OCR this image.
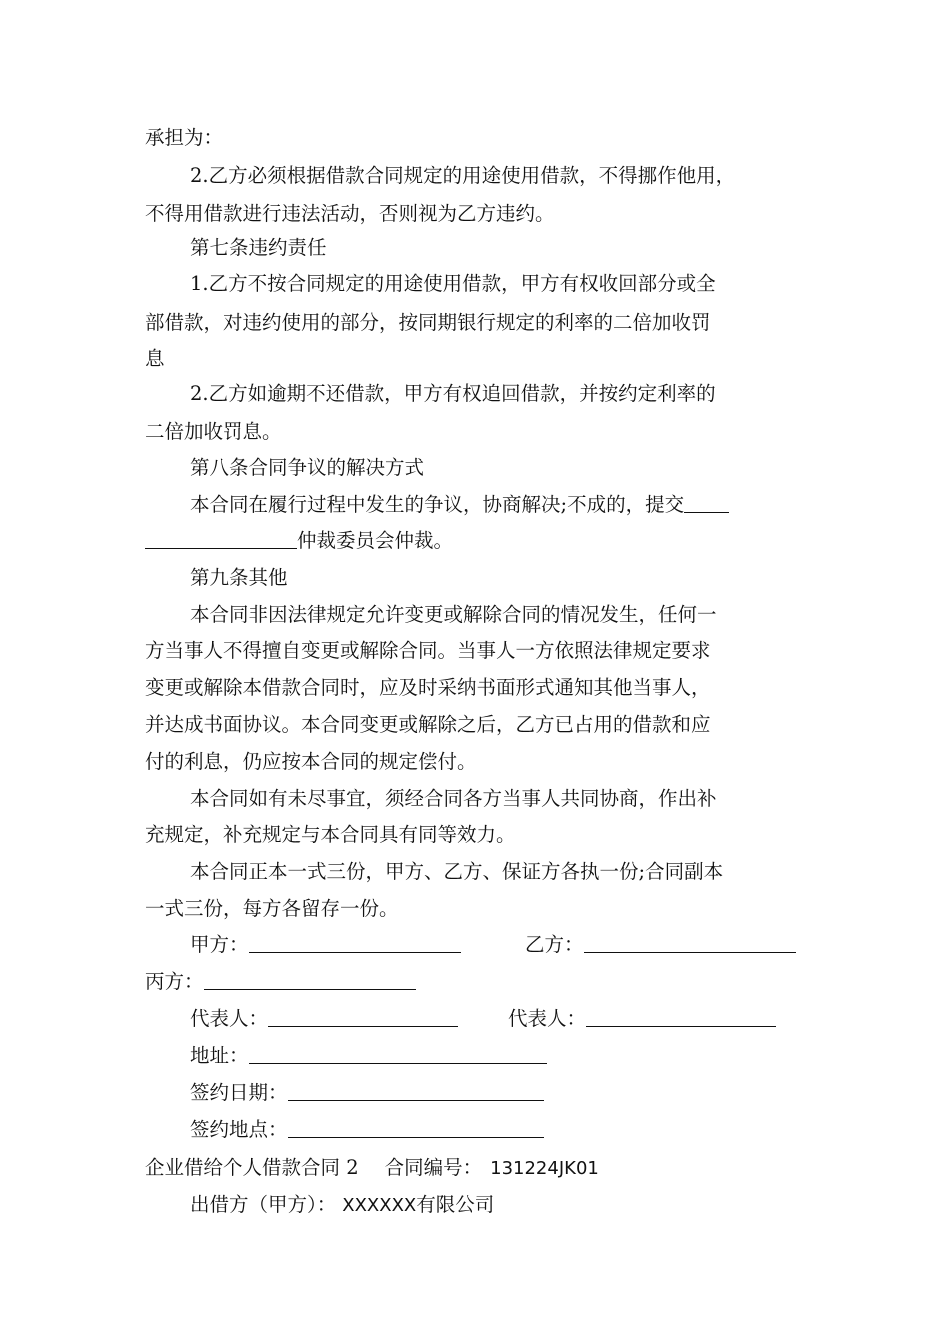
承担为：
2.乙方必须根据借款合同规定的用途使用借款，不得挪作他用，
不得用借款进行违法活动，否则视为乙方违约。
第七条违约责任
1.乙方不按合同规定的用途使用借款，甲方有权收回部分或全
部借款，对违约使用的部分，按同期银行规定的利率的二倍加收罚
息
2.乙方如逾期不还借款，甲方有权追回借款，并按约定利率的
二倍加收罚息。
第八条合同争议的解决方式
本合同在履行过程中发生的争议，协商解决;不成的，提交
仲裁委员会仲裁。
第九条其他
本合同非因法律规定允许变更或解除合同的情况发生，任何一
方当事人不得擅自变更或解除合同。当事人一方依照法律规定要求
变更或解除本借款合同时，应及时采纳书面形式通知其他当事人，
并达成书面协议。本合同变更或解除之后，乙方已占用的借款和应
付的利息，仍应按本合同的规定偿付。
本合同如有未尽事宜，须经合同各方当事人共同协商，作出补
充规定，补充规定与本合同具有同等效力。
本合同正本一式三份，甲方、乙方、保证方各执一份;合同副本
一式三份，每方各留存一份。
甲方：	乙方：
丙方：
代表人：	代表人：
地址：
签约日期：
签约地点：
企业借给个人借款合同 2 合同编号： 131224JK01
出借方（甲方）： XXXXXX有限公司
